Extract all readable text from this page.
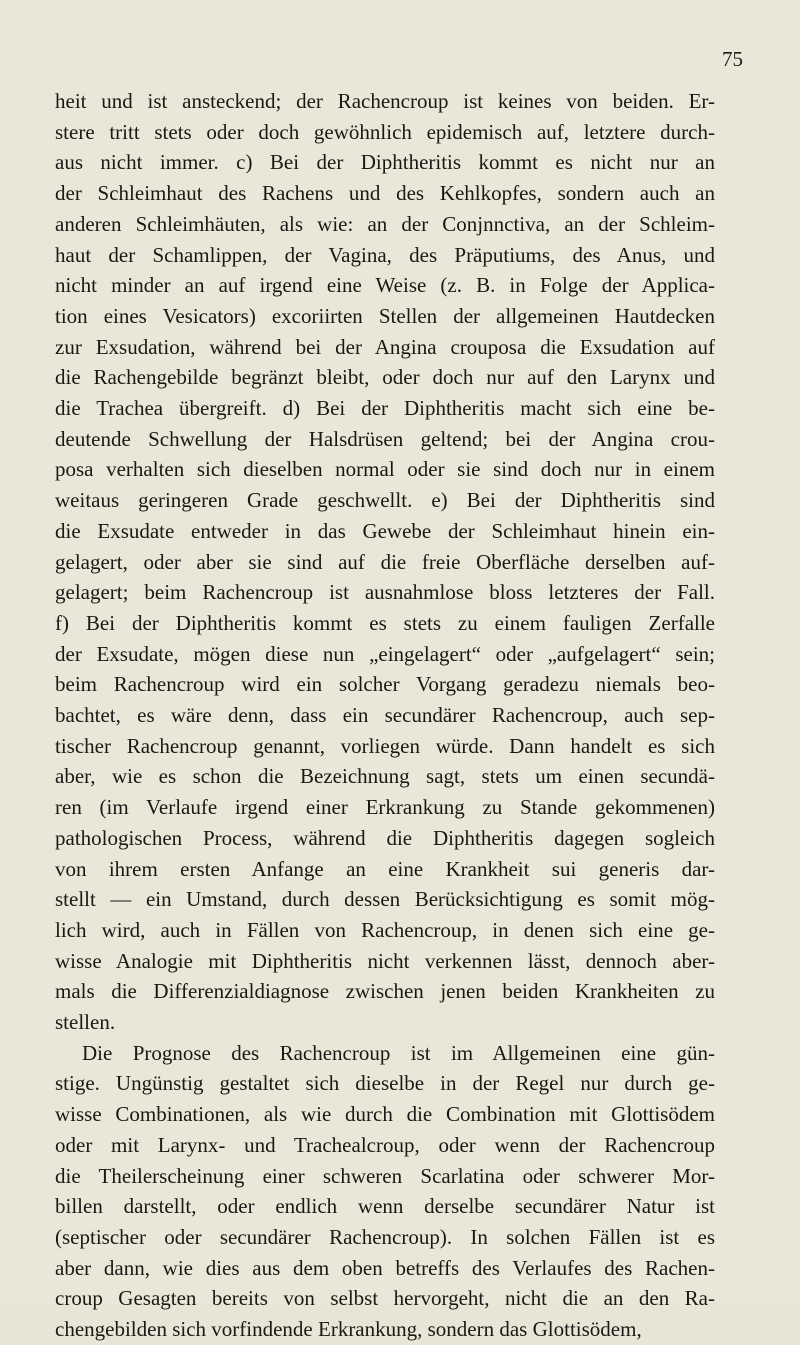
75
heit und ist ansteckend; der Rachencroup ist keines von beiden. Er-
stere tritt stets oder doch gewöhnlich epidemisch auf, letztere durch-
aus nicht immer. c) Bei der Diphtheritis kommt es nicht nur an
der Schleimhaut des Rachens und des Kehlkopfes, sondern auch an
anderen Schleimhäuten, als wie: an der Conjnnctiva, an der Schleim-
haut der Schamlippen, der Vagina, des Präputiums, des Anus, und
nicht minder an auf irgend eine Weise (z. B. in Folge der Applica-
tion eines Vesicators) excoriirten Stellen der allgemeinen Hautdecken
zur Exsudation, während bei der Angina crouposa die Exsudation auf
die Rachengebilde begränzt bleibt, oder doch nur auf den Larynx und
die Trachea übergreift. d) Bei der Diphtheritis macht sich eine be-
deutende Schwellung der Halsdrüsen geltend; bei der Angina crou-
posa verhalten sich dieselben normal oder sie sind doch nur in einem
weitaus geringeren Grade geschwellt. e) Bei der Diphtheritis sind
die Exsudate entweder in das Gewebe der Schleimhaut hinein ein-
gelagert, oder aber sie sind auf die freie Oberfläche derselben auf-
gelagert; beim Rachencroup ist ausnahmlose bloss letzteres der Fall.
f) Bei der Diphtheritis kommt es stets zu einem fauligen Zerfalle
der Exsudate, mögen diese nun „eingelagert“ oder „aufgelagert“ sein;
beim Rachencroup wird ein solcher Vorgang geradezu niemals beo-
bachtet, es wäre denn, dass ein secundärer Rachencroup, auch sep-
tischer Rachencroup genannt, vorliegen würde. Dann handelt es sich
aber, wie es schon die Bezeichnung sagt, stets um einen secundä-
ren (im Verlaufe irgend einer Erkrankung zu Stande gekommenen)
pathologischen Process, während die Diphtheritis dagegen sogleich
von ihrem ersten Anfange an eine Krankheit sui generis dar-
stellt — ein Umstand, durch dessen Berücksichtigung es somit mög-
lich wird, auch in Fällen von Rachencroup, in denen sich eine ge-
wisse Analogie mit Diphtheritis nicht verkennen lässt, dennoch aber-
mals die Differenzialdiagnose zwischen jenen beiden Krankheiten zu
stellen.
Die Prognose des Rachencroup ist im Allgemeinen eine gün-
stige. Ungünstig gestaltet sich dieselbe in der Regel nur durch ge-
wisse Combinationen, als wie durch die Combination mit Glottisödem
oder mit Larynx- und Trachealcroup, oder wenn der Rachencroup
die Theilerscheinung einer schweren Scarlatina oder schwerer Mor-
billen darstellt, oder endlich wenn derselbe secundärer Natur ist
(septischer oder secundärer Rachencroup). In solchen Fällen ist es
aber dann, wie dies aus dem oben betreffs des Verlaufes des Rachen-
croup Gesagten bereits von selbst hervorgeht, nicht die an den Ra-
chengebilden sich vorfindende Erkrankung, sondern das Glottisödem,
